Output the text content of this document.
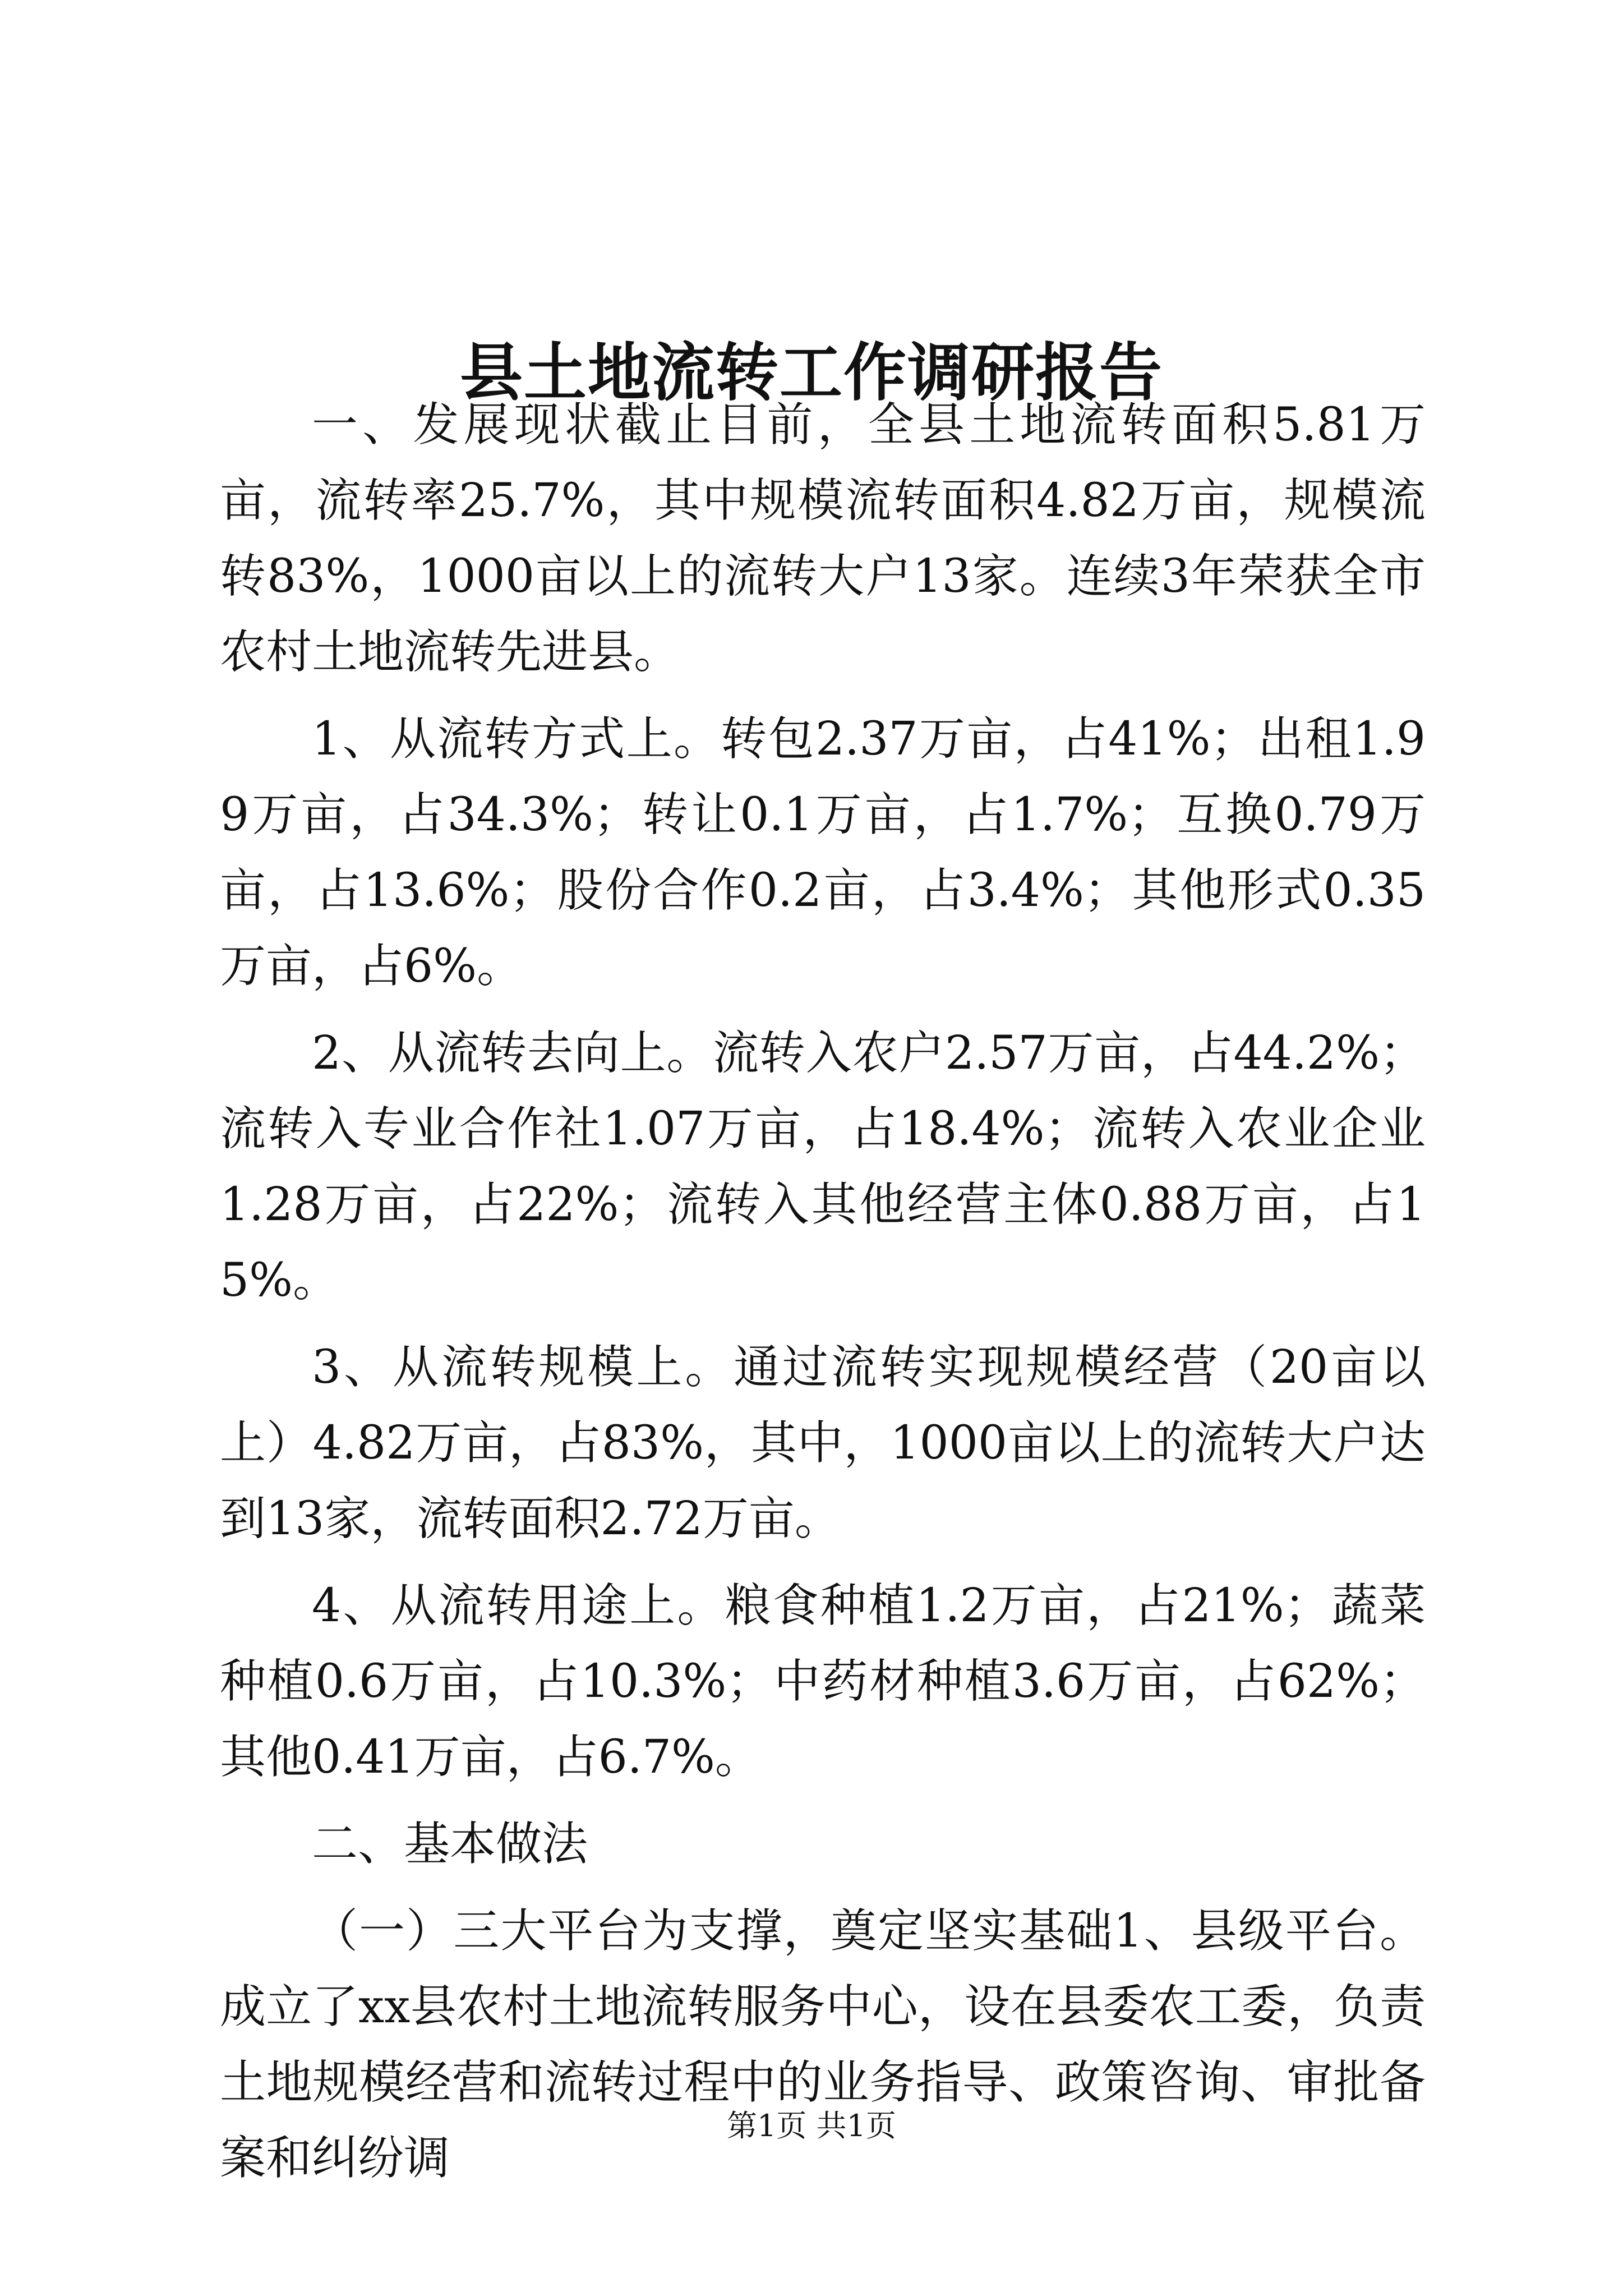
县土地流转工作调研报告

一、发展现状截止目前，全县土地流转面积5.81万亩，流转率25.7%，其中规模流转面积4.82万亩，规模流转83%，1000亩以上的流转大户13家。连续3年荣获全市农村土地流转先进县。

1、从流转方式上。转包2.37万亩，占41%；出租1.99万亩，占34.3%；转让0.1万亩，占1.7%；互换0.79万亩，占13.6%；股份合作0.2亩，占3.4%；其他形式0.35万亩，占6%。

2、从流转去向上。流转入农户2.57万亩，占44.2%；流转入专业合作社1.07万亩，占18.4%；流转入农业企业1.28万亩，占22%；流转入其他经营主体0.88万亩，占15%。

3、从流转规模上。通过流转实现规模经营（20亩以上）4.82万亩，占83%，其中，1000亩以上的流转大户达到13家，流转面积2.72万亩。

4、从流转用途上。粮食种植1.2万亩，占21%；蔬菜种植0.6万亩，占10.3%；中药材种植3.6万亩，占62%；其他0.41万亩，占6.7%。

二、基本做法

（一）三大平台为支撑，奠定坚实基础1、县级平台。成立了xx县农村土地流转服务中心，设在县委农工委，负责土地规模经营和流转过程中的业务指导、政策咨询、审批备案和纠纷调

第1页 共1页
